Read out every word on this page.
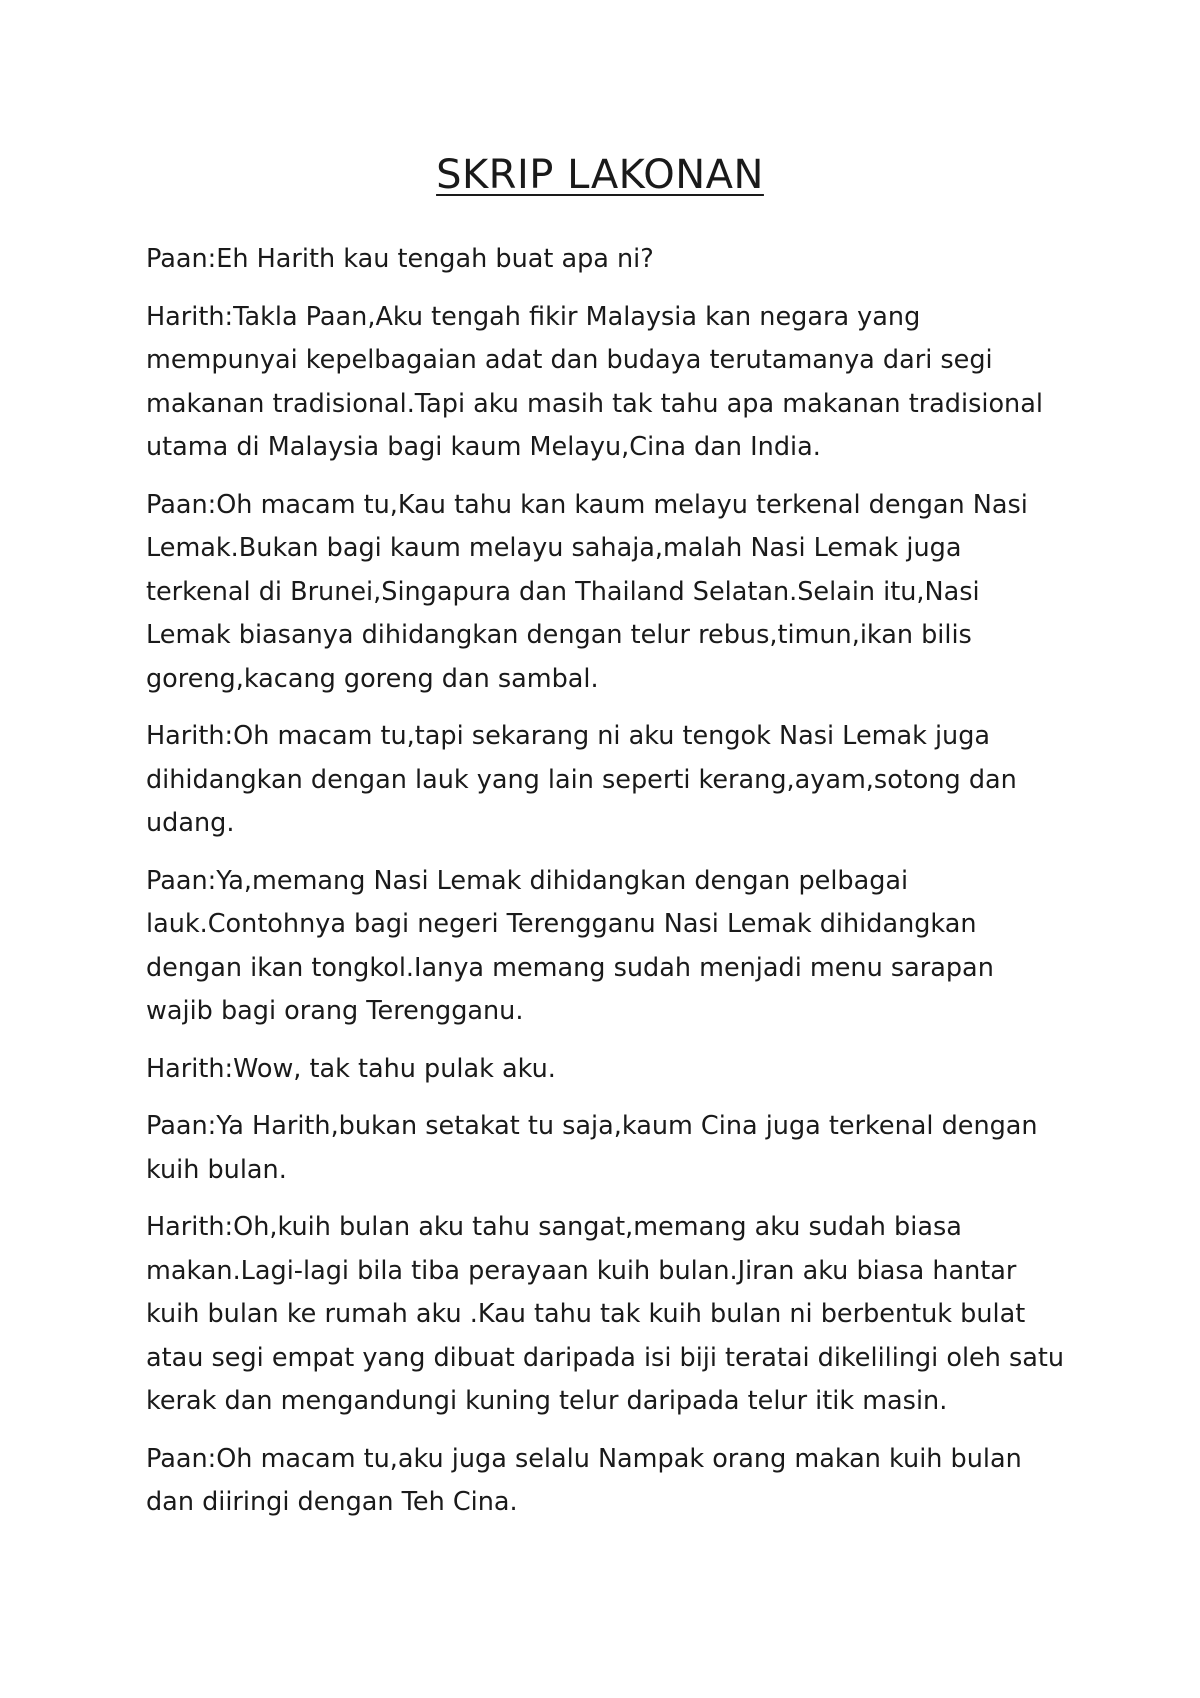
SKRIP LAKONAN

Paan:Eh Harith kau tengah buat apa ni?

Harith:Takla Paan,Aku tengah fikir Malaysia kan negara yang mempunyai kepelbagaian adat dan budaya terutamanya dari segi makanan tradisional.Tapi aku masih tak tahu apa makanan tradisional utama di Malaysia bagi kaum Melayu,Cina dan India.

Paan:Oh macam tu,Kau tahu kan kaum melayu terkenal dengan Nasi Lemak.Bukan bagi kaum melayu sahaja,malah Nasi Lemak juga terkenal di Brunei,Singapura dan Thailand Selatan.Selain itu,Nasi Lemak biasanya dihidangkan dengan telur rebus,timun,ikan bilis goreng,kacang goreng dan sambal.

Harith:Oh macam tu,tapi sekarang ni aku tengok Nasi Lemak juga dihidangkan dengan lauk yang lain seperti kerang,ayam,sotong dan udang.

Paan:Ya,memang Nasi Lemak dihidangkan dengan pelbagai lauk.Contohnya bagi negeri Terengganu Nasi Lemak dihidangkan dengan ikan tongkol.Ianya memang sudah menjadi menu sarapan wajib bagi orang Terengganu.

Harith:Wow, tak tahu pulak aku.

Paan:Ya Harith,bukan setakat tu saja,kaum Cina juga terkenal dengan kuih bulan.

Harith:Oh,kuih bulan aku tahu sangat,memang aku sudah biasa makan.Lagi-lagi bila tiba perayaan kuih bulan.Jiran aku biasa hantar kuih bulan ke rumah aku .Kau tahu tak kuih bulan ni berbentuk bulat atau segi empat yang dibuat daripada isi biji teratai dikelilingi oleh satu kerak dan mengandungi kuning telur daripada telur itik masin.

Paan:Oh macam tu,aku juga selalu Nampak orang makan kuih bulan dan diiringi dengan Teh Cina.
